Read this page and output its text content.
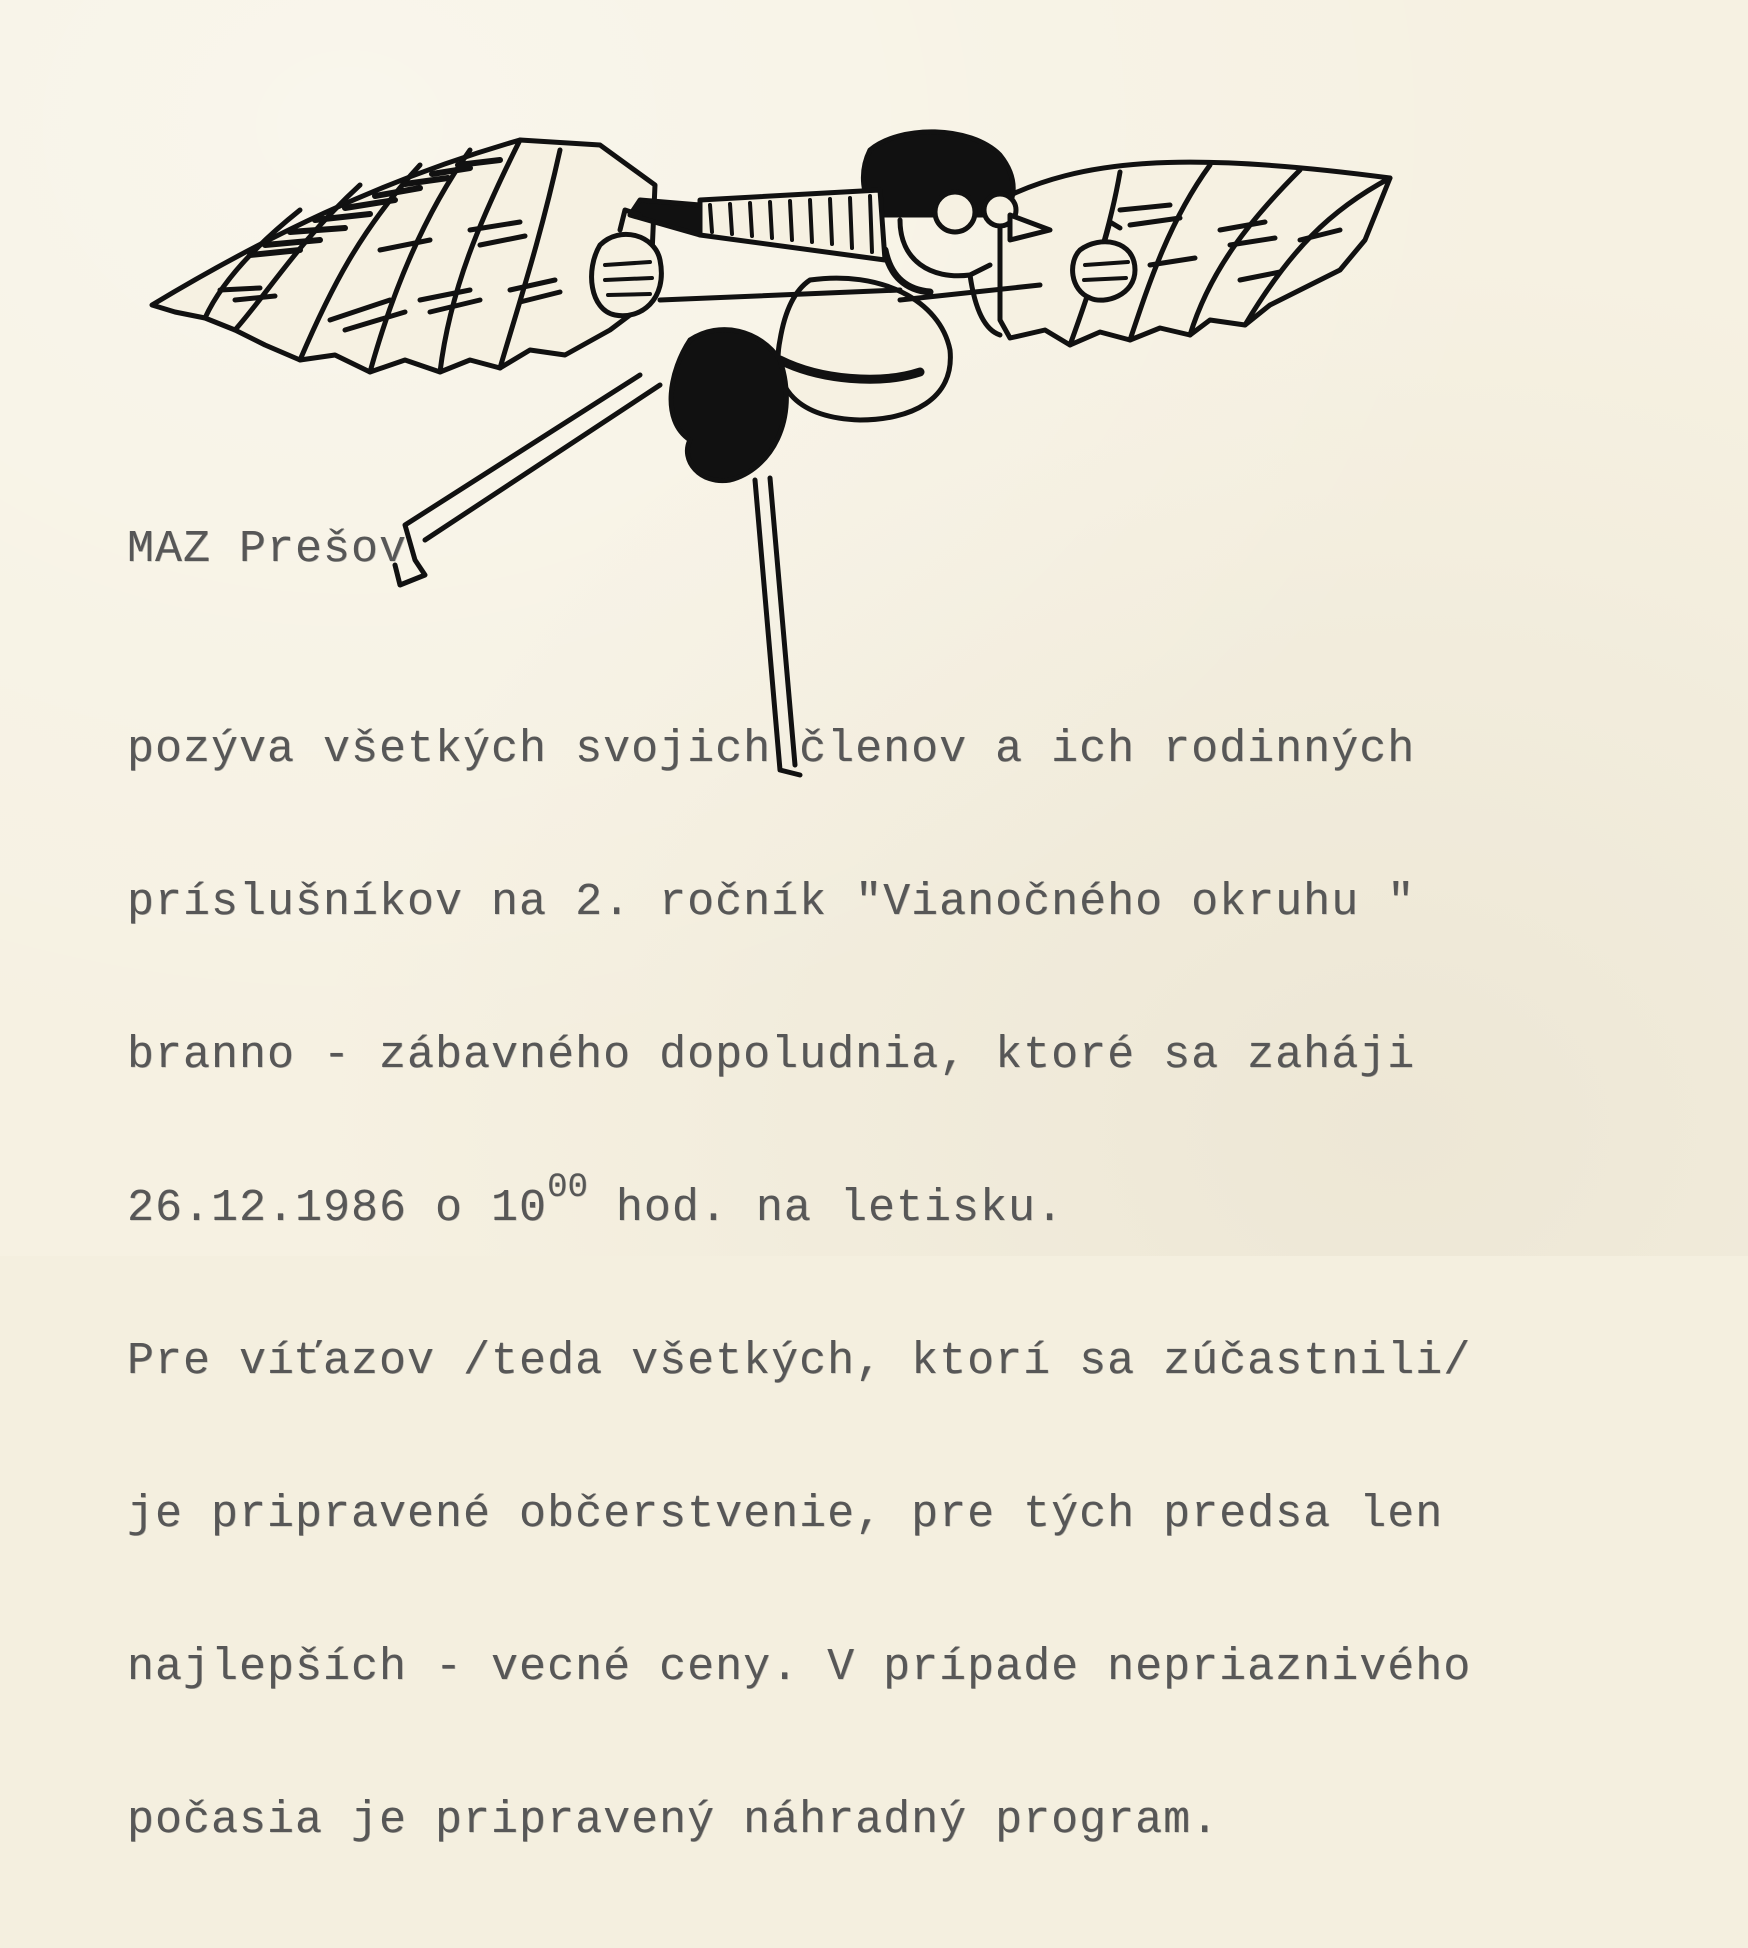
MAZ Prešov

pozýva všetkých svojich členov a ich rodinných

príslušníkov na 2. ročník "Vianočného okruhu "

branno - zábavného dopoludnia, ktoré sa zaháji

26.12.1986 o $10^{00}$ hod. na letisku.

Pre víťazov /teda všetkých, ktorí sa zúčastnili/

je pripravené občerstvenie, pre tých predsa len

najlepších - vecné ceny. V prípade nepriaznivého

počasia je pripravený náhradný program.
